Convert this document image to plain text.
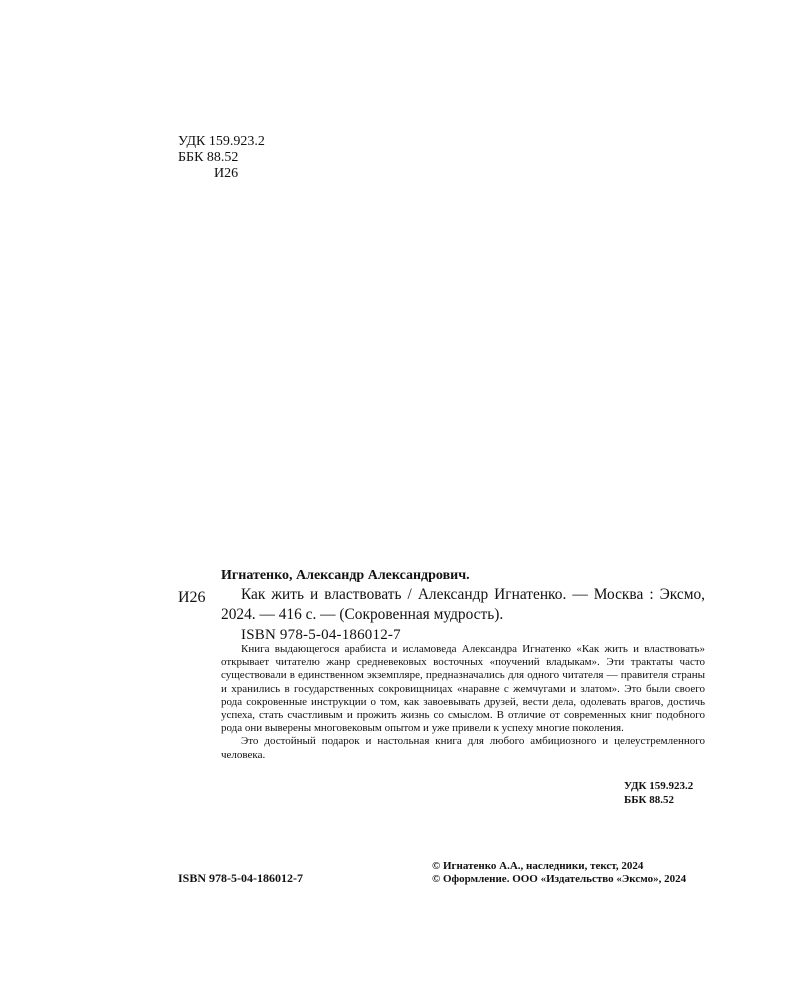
УДК 159.923.2
ББК 88.52
И26
Игнатенко, Александр Александрович.
И26	Как жить и властвовать / Александр Игнатенко. — Москва : Эксмо, 2024. — 416 с. — (Сокровенная мудрость).
ISBN 978-5-04-186012-7

Книга выдающегося арабиста и исламоведа Александра Игнатенко «Как жить и властвовать» открывает читателю жанр средневековых восточных «поучений владыкам». Эти трактаты часто существовали в единственном экземпляре, предназначались для одного читателя — правителя страны и хранились в государственных сокровищницах «наравне с жемчугами и златом». Это были своего рода сокровенные инструкции о том, как завоевывать друзей, вести дела, одолевать врагов, достичь успеха, стать счастливым и прожить жизнь со смыслом. В отличие от современных книг подобного рода они выверены многовековым опытом и уже привели к успеху многие поколения.

Это достойный подарок и настольная книга для любого амбициозного и целеустремленного человека.

УДК 159.923.2
ББК 88.52
ISBN 978-5-04-186012-7
© Игнатенко А.А., наследники, текст, 2024
© Оформление. ООО «Издательство «Эксмо», 2024
